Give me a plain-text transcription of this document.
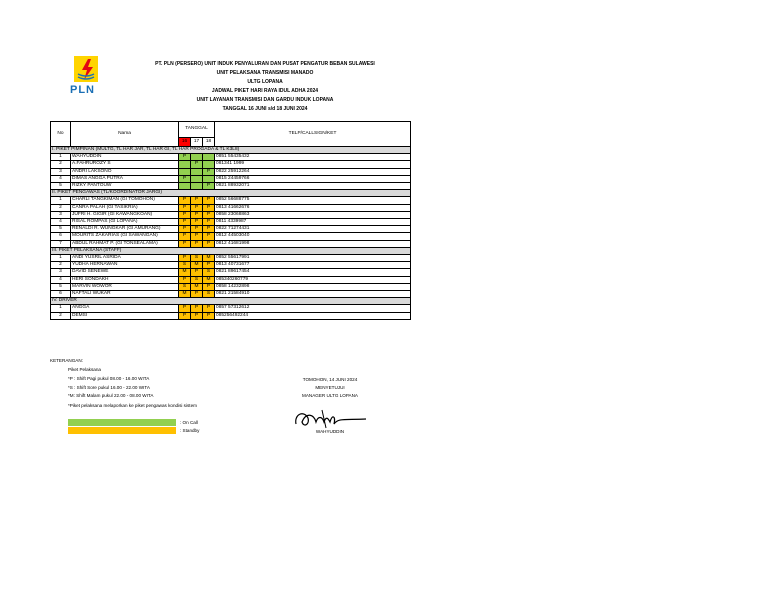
PLN
PT. PLN (PERSERO) UNIT INDUK PENYALURAN DAN PUSAT PENGATUR BEBAN SULAWESI
UNIT PELAKSANA TRANSMISI MANADO
ULTG LOPANA
JADWAL PIKET HARI RAYA IDUL ADHA 2024
UNIT LAYANAN TRANSMISI DAN GARDU INDUK LOPANA
TANGGAL 16 JUNI s/d 18 JUNI 2024
No	Nama	TANGGAL			TELP/CALLSIGN/KET
		16	17	18	
I. PIKET PIMPINAN (MULTG, TL HAR JAR, TL HAR GI, TL HAR PROGADA & TL K3L8)					
1	WAHYUDDIN	P			0851 55435432
2	A.FAHRUROZY S		P		081341 1999
3	ANDRI LAKSONO			P	0822 25912264
4	DIMAS ANGGA PUTRA	P			0815 24459766
5	RIZKY PANTOUW			P	0821 88932071
II. PIKET PENGAWAS (TL/KOORDINATOR JARGI)					
1	CHARLI TANGKIMAN (GI TOMOHON)	P	P	P	0852 56688775
2	CANRA PALAH (GI TASIKRIA)	P	P	P	0813 41662676
3	JUFRI H. GIGIR (GI KAWANGKOAN)	P	P	P	0858 23068863
4	RISAL ROMPAS (GI LOPANA)	P	P	P	0811 4339987
5	RENALDI R. WUNGKAR (GI AMURANG)	P	P	P	0822 71274431
6	MOURITS ZAKARIAS (GI SAWANGAN)	P	P	P	0812 44503040
7	ABDUL RAHMAT P. (GI TONSEALAMA)	P	P	P	0812 41681998
III. PIKET PELAKSANA (STAFF)					
1	ANDI YUSRIL ASRIDA	P	S	M	0852 55617991
2	YUDHA HERNAWAN	S	M	P	0813 40731677
3	DAVID SENEWE	M	P	S	0821 89617454
4	HERI SONDAKH	P	S	M	085340260779
5	MARVIN WOWOR	S	M	P	0858 14232898
6	NAFTALI WUKAR	M	P	S	0821 21584910
IV. DRIVER					
1	ANGGA	P	P	P	0857 57312612
2	DEMSI	P	P	P	085256492244
KETERANGAN:
Piket Pelaksana
*P : Shift Pagi pukul 08.00 - 16.00 WITA
*S : Shift Sore pukul 16.00 - 22.00 WITA
*M: Shift Malam pukul 22.00 - 08.00 WITA
*Piket pelaksana melaporkan ke piket pengawas kondisi sistem
: On Call
: Standby
TOMOHON, 14 JUNI 2024
MENYETUJUI
MANAGER ULTG LOPANA
WAHYUDDIN
